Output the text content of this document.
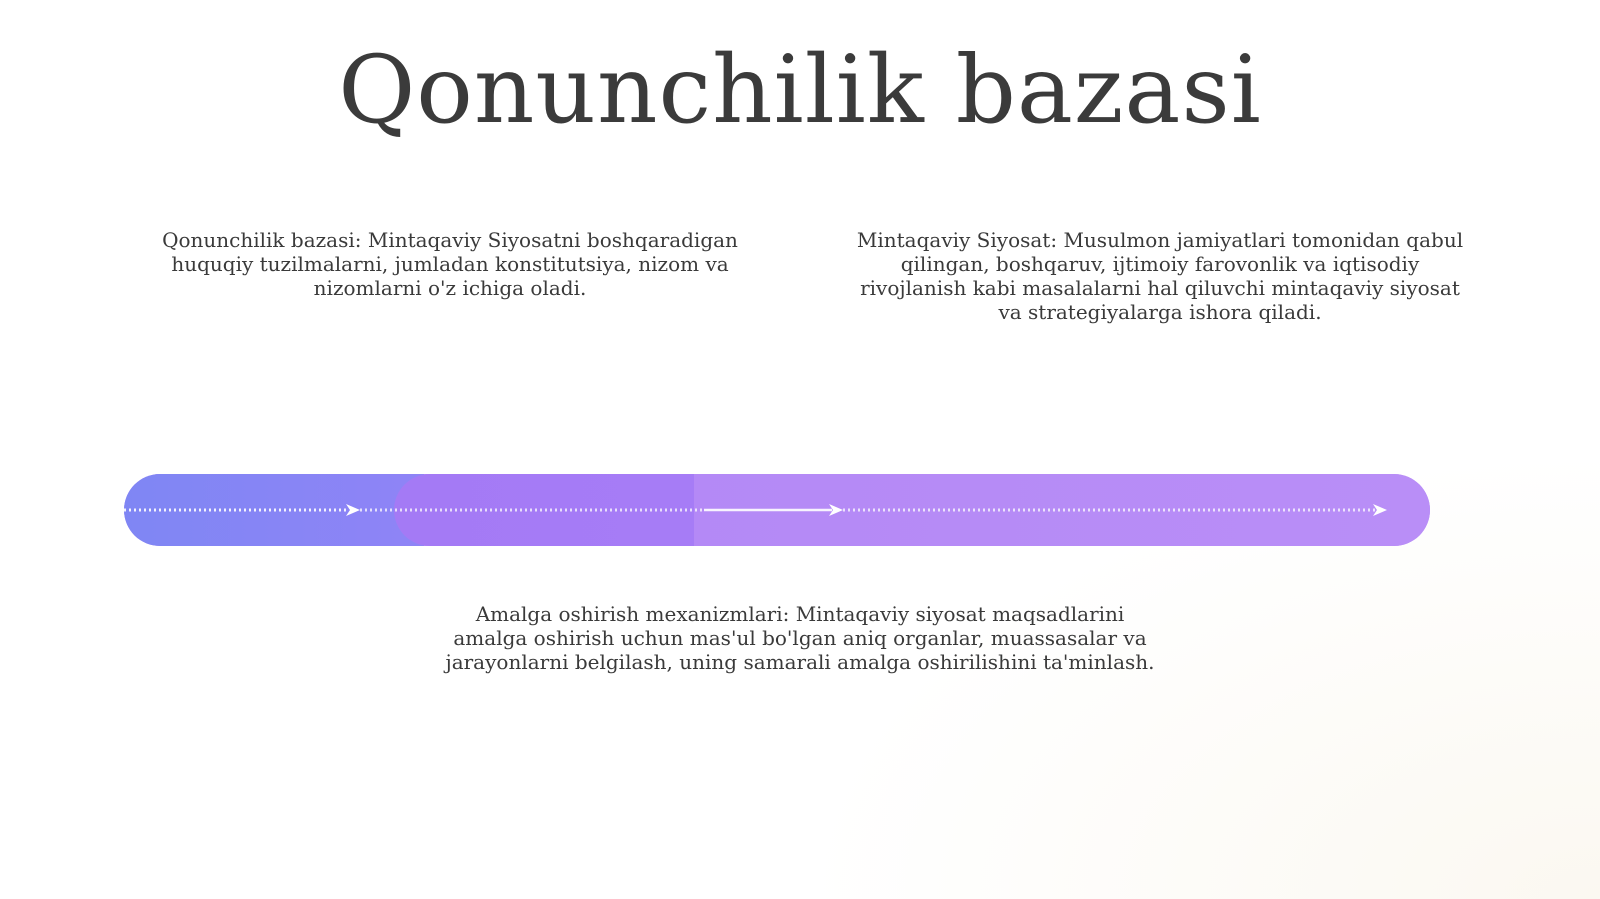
Qonunchilik bazasi
Qonunchilik bazasi: Mintaqaviy Siyosatni boshqaradigan huquqiy tuzilmalarni, jumladan konstitutsiya, nizom va nizomlarni o'z ichiga oladi.
Mintaqaviy Siyosat: Musulmon jamiyatlari tomonidan qabul qilingan, boshqaruv, ijtimoiy farovonlik va iqtisodiy rivojlanish kabi masalalarni hal qiluvchi mintaqaviy siyosat va strategiyalarga ishora qiladi.
Amalga oshirish mexanizmlari: Mintaqaviy siyosat maqsadlarini amalga oshirish uchun mas'ul bo'lgan aniq organlar, muassasalar va jarayonlarni belgilash, uning samarali amalga oshirilishini ta'minlash.
